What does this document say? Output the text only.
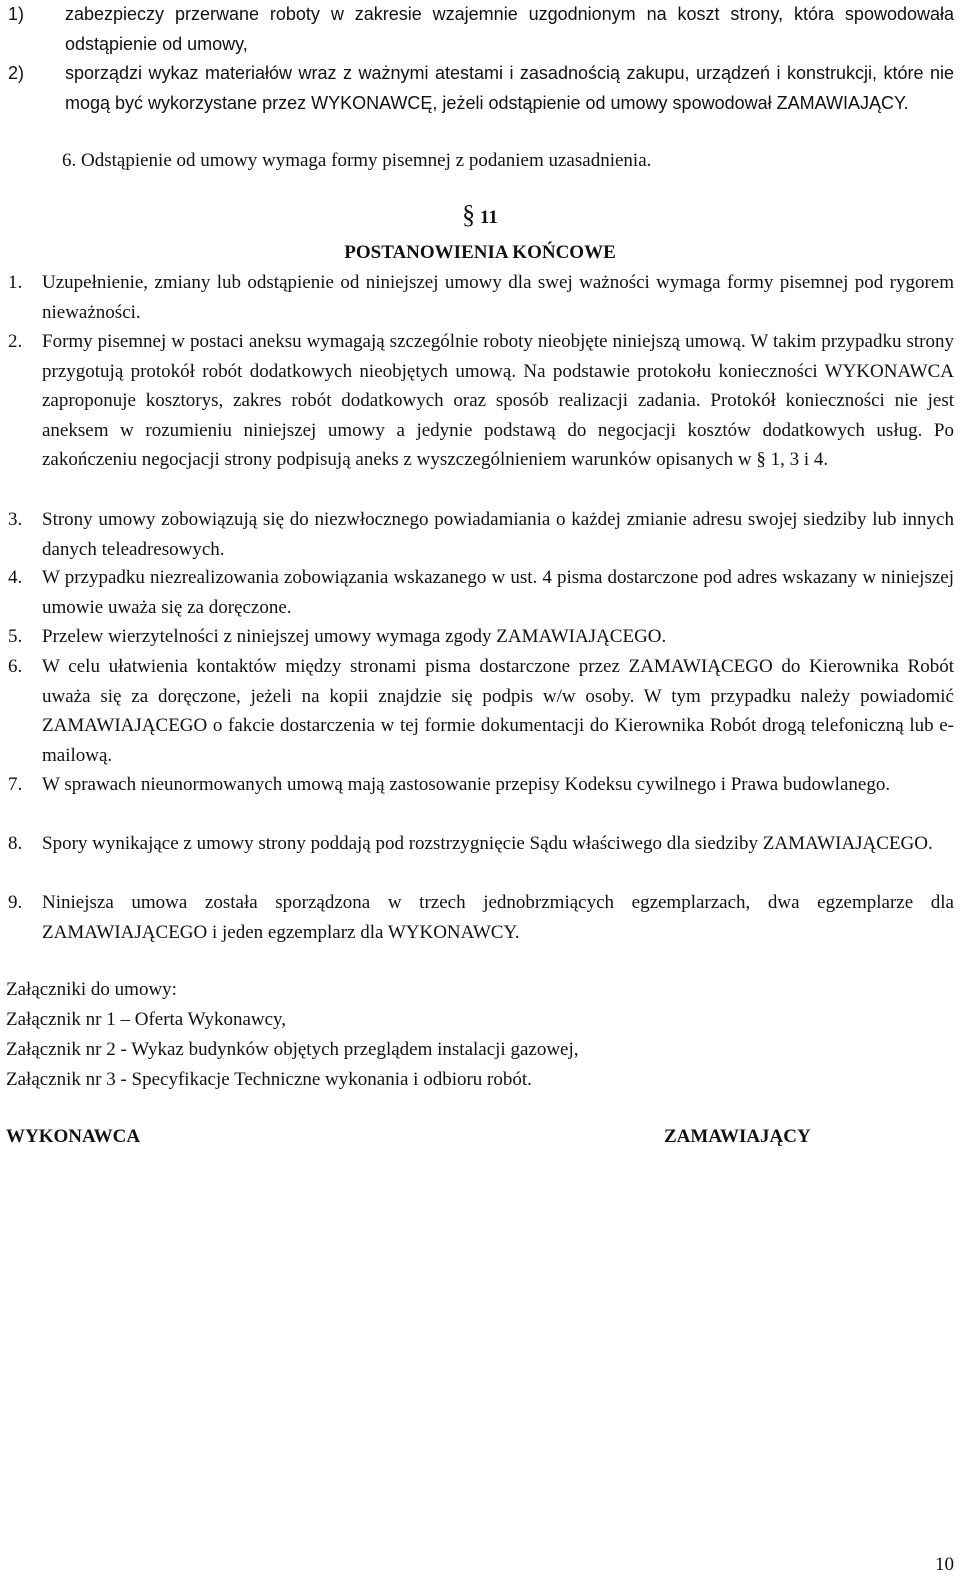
1) zabezpieczy przerwane roboty w zakresie wzajemnie uzgodnionym na koszt strony, która spowodowała odstąpienie od umowy,
2) sporządzi wykaz materiałów wraz z ważnymi atestami i zasadnością zakupu, urządzeń i konstrukcji, które nie mogą być wykorzystane przez WYKONAWCĘ, jeżeli odstąpienie od umowy spowodował ZAMAWIAJĄCY.
6. Odstąpienie od umowy wymaga formy pisemnej z podaniem uzasadnienia.
§ 11
POSTANOWIENIA KOŃCOWE
1. Uzupełnienie, zmiany lub odstąpienie od niniejszej umowy dla swej ważności wymaga formy pisemnej pod rygorem nieważności.
2. Formy pisemnej w postaci aneksu wymagają szczególnie roboty nieobjęte niniejszą umową. W takim przypadku strony przygotują protokół robót dodatkowych nieobjętych umową. Na podstawie protokołu konieczności WYKONAWCA zaproponuje kosztorys, zakres robót dodatkowych oraz sposób realizacji zadania. Protokół konieczności nie jest aneksem w rozumieniu niniejszej umowy a jedynie podstawą do negocjacji kosztów dodatkowych usług. Po zakończeniu negocjacji strony podpisują aneks z wyszczególnieniem warunków opisanych w § 1, 3 i 4.
3. Strony umowy zobowiązują się do niezwłocznego powiadamiania o każdej zmianie adresu swojej siedziby lub innych danych teleadresowych.
4. W przypadku niezrealizowania zobowiązania wskazanego w ust. 4 pisma dostarczone pod adres wskazany w niniejszej umowie uważa się za doręczone.
5. Przelew wierzytelności z niniejszej umowy wymaga zgody ZAMAWIAJĄCEGO.
6. W celu ułatwienia kontaktów między stronami pisma dostarczone przez ZAMAWIĄCEGO do Kierownika Robót uważa się za doręczone, jeżeli na kopii znajdzie się podpis w/w osoby. W tym przypadku należy powiadomić ZAMAWIAJĄCEGO o fakcie dostarczenia w tej formie dokumentacji do Kierownika Robót drogą telefoniczną lub e-mailową.
7. W sprawach nieunormowanych umową mają zastosowanie przepisy Kodeksu cywilnego i Prawa budowlanego.
8. Spory wynikające z umowy strony poddają pod rozstrzygnięcie Sądu właściwego dla siedziby ZAMAWIAJĄCEGO.
9. Niniejsza umowa została sporządzona w trzech jednobrzmiących egzemplarzach, dwa egzemplarze dla ZAMAWIAJĄCEGO i jeden egzemplarz dla WYKONAWCY.
Załączniki do umowy:
Załącznik nr 1 – Oferta Wykonawcy,
Załącznik nr 2 - Wykaz budynków objętych przeglądem instalacji gazowej,
Załącznik nr 3 - Specyfikacje Techniczne wykonania i odbioru robót.
WYKONAWCA	ZAMAWIAJĄCY
10
